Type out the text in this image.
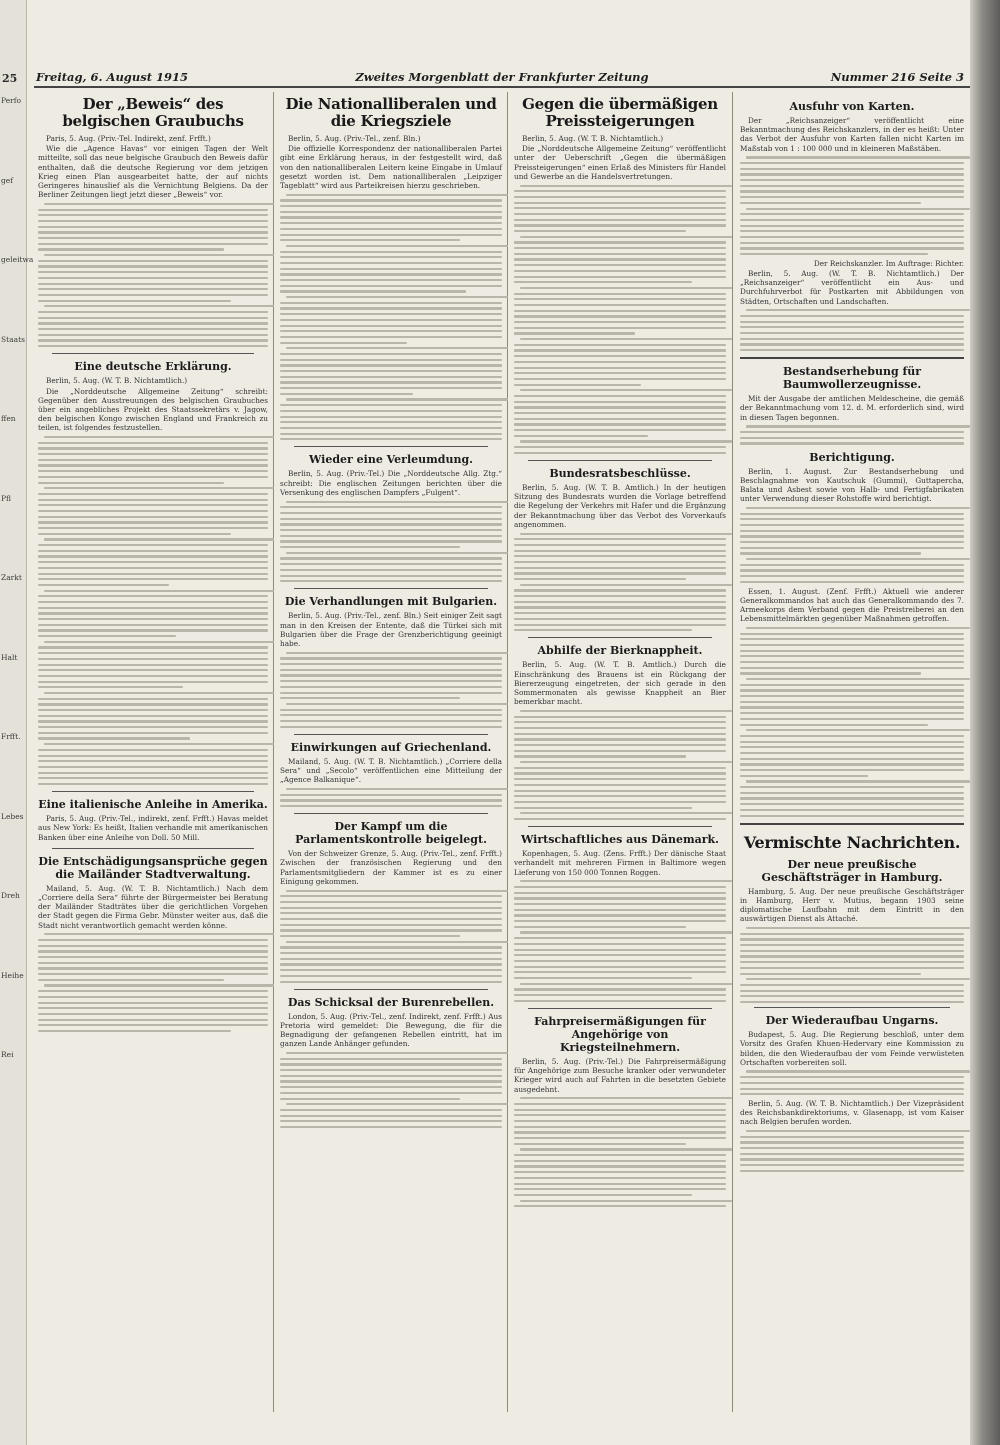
Perfo
gef
geleitwa
Staats
ffen
Pfl
Zarkt
Halt
Frfft.
Lebes
Dreh
Heihe
Rei
25 Freitag, 6. August 1915	Zweites Morgenblatt der Frankfurter Zeitung	Nummer 216 Seite 3
Der „Beweis“ des belgischen Graubuchs

Paris, 5. Aug. (Priv.-Tel. Indirekt, zenf. Frfft.)

Wie die „Agence Havas“ vor einigen Tagen der Welt mitteilte, soll das neue belgische Graubuch den Beweis dafür enthalten, daß die deutsche Regierung vor dem jetzigen Krieg einen Plan ausgearbeitet hatte, der auf nichts Geringeres hinauslief als die Vernichtung Belgiens. Da der Berliner Zeitungen liegt jetzt dieser „Beweis“ vor.

Eine deutsche Erklärung.

Berlin, 5. Aug. (W. T. B. Nichtamtlich.)

Die „Norddeutsche Allgemeine Zeitung“ schreibt: Gegenüber den Ausstreuungen des belgischen Graubuches über ein angebliches Projekt des Staatssekretärs v. Jagow, den belgischen Kongo zwischen England und Frankreich zu teilen, ist folgendes festzustellen.

Eine italienische Anleihe in Amerika.

Paris, 5. Aug. (Priv.-Tel., indirekt, zenf. Frfft.) Havas meldet aus New York: Es heißt, Italien verhandle mit amerikanischen Banken über eine Anleihe von Doll. 50 Mill.

Die Entschädigungsansprüche gegen die Mailänder Stadtverwaltung.

Mailand, 5. Aug. (W. T. B. Nichtamtlich.) Nach dem „Corriere della Sera“ führte der Bürgermeister bei Beratung der Mailänder Stadträtes über die gerichtlichen Vorgehen der Stadt gegen die Firma Gebr. Münster weiter aus, daß die Stadt nicht verantwortlich gemacht werden könne.

Die Nationalliberalen und die Kriegsziele

Berlin, 5. Aug. (Priv.-Tel., zenf. Bln.)

Die offizielle Korrespondenz der nationalliberalen Partei gibt eine Erklärung heraus, in der festgestellt wird, daß von den nationalliberalen Leitern keine Eingabe in Umlauf gesetzt worden ist. Dem nationalliberalen „Leipziger Tageblatt“ wird aus Parteikreisen hierzu geschrieben.

Wieder eine Verleumdung.

Berlin, 5. Aug. (Priv.-Tel.) Die „Norddeutsche Allg. Ztg.“ schreibt: Die englischen Zeitungen berichten über die Versenkung des englischen Dampfers „Fulgent“.

Die Verhandlungen mit Bulgarien.

Berlin, 5. Aug. (Priv.-Tel., zenf. Bln.) Seit einiger Zeit sagt man in den Kreisen der Entente, daß die Türkei sich mit Bulgarien über die Frage der Grenzberichtigung geeinigt habe.

Einwirkungen auf Griechenland.

Mailand, 5. Aug. (W. T. B. Nichtamtlich.) „Corriere della Sera“ und „Secolo“ veröffentlichen eine Mitteilung der „Agence Balkanique“.

Der Kampf um die Parlamentskontrolle beigelegt.

Von der Schweizer Grenze, 5. Aug. (Priv.-Tel., zenf. Frfft.) Zwischen der französischen Regierung und den Parlamentsmitgliedern der Kammer ist es zu einer Einigung gekommen.

Das Schicksal der Burenrebellen.

London, 5. Aug. (Priv.-Tel., zenf. Indirekt, zenf. Frfft.) Aus Pretoria wird gemeldet: Die Bewegung, die für die Begnadigung der gefangenen Rebellen eintritt, hat im ganzen Lande Anhänger gefunden.

Gegen die übermäßigen Preissteigerungen

Berlin, 5. Aug. (W. T. B. Nichtamtlich.)

Die „Norddeutsche Allgemeine Zeitung“ veröffentlicht unter der Ueberschrift „Gegen die übermäßigen Preissteigerungen“ einen Erlaß des Ministers für Handel und Gewerbe an die Handelsvertretungen.

Bundesratsbeschlüsse.

Berlin, 5. Aug. (W. T. B. Amtlich.) In der heutigen Sitzung des Bundesrats wurden die Vorlage betreffend die Regelung der Verkehrs mit Hafer und die Ergänzung der Bekanntmachung über das Verbot des Vorverkaufs angenommen.

Abhilfe der Bierknappheit.

Berlin, 5. Aug. (W. T. B. Amtlich.) Durch die Einschränkung des Brauens ist ein Rückgang der Biererzeugung eingetreten, der sich gerade in den Sommermonaten als gewisse Knappheit an Bier bemerkbar macht.

Wirtschaftliches aus Dänemark.

Kopenhagen, 5. Aug. (Zens. Frfft.) Der dänische Staat verhandelt mit mehreren Firmen in Baltimore wegen Lieferung von 150 000 Tonnen Roggen.

Fahrpreisermäßigungen für Angehörige von Kriegsteilnehmern.

Berlin, 5. Aug. (Priv.-Tel.) Die Fahrpreisermäßigung für Angehörige zum Besuche kranker oder verwundeter Krieger wird auch auf Fahrten in die besetzten Gebiete ausgedehnt.

Ausfuhr von Karten.

Der „Reichsanzeiger“ veröffentlicht eine Bekanntmachung des Reichskanzlers, in der es heißt: Unter das Verbot der Ausfuhr von Karten fallen nicht Karten im Maßstab von 1 : 100 000 und in kleineren Maßstäben.

Der Reichskanzler. Im Auftrage: Richter.

Berlin, 5. Aug. (W. T. B. Nichtamtlich.) Der „Reichsanzeiger“ veröffentlicht ein Aus- und Durchfuhrverbot für Postkarten mit Abbildungen von Städten, Ortschaften und Landschaften.

Bestandserhebung für Baumwollerzeugnisse.

Mit der Ausgabe der amtlichen Meldescheine, die gemäß der Bekanntmachung vom 12. d. M. erforderlich sind, wird in diesen Tagen begonnen.

Berichtigung.

Berlin, 1. August. Zur Bestandserhebung und Beschlagnahme von Kautschuk (Gummi), Guttapercha, Balata und Asbest sowie von Halb- und Fertigfabrikaten unter Verwendung dieser Rohstoffe wird berichtigt.

Essen, 1. August. (Zenf. Frfft.) Aktuell wie anderer Generalkommandos hat auch das Generalkommando des 7. Armeekorps dem Verband gegen die Preistreiberei an den Lebensmittelmärkten gegenüber Maßnahmen getroffen.

Vermischte Nachrichten.
Der neue preußische Geschäftsträger in Hamburg.

Hamburg, 5. Aug. Der neue preußische Geschäftsträger in Hamburg, Herr v. Mutius, begann 1903 seine diplomatische Laufbahn mit dem Eintritt in den auswärtigen Dienst als Attaché.

Der Wiederaufbau Ungarns.

Budapest, 5. Aug. Die Regierung beschloß, unter dem Vorsitz des Grafen Khuen-Hedervary eine Kommission zu bilden, die den Wiederaufbau der vom Feinde verwüsteten Ortschaften vorbereiten soll.

Berlin, 5. Aug. (W. T. B. Nichtamtlich.) Der Vizepräsident des Reichsbankdirektoriums, v. Glasenapp, ist vom Kaiser nach Belgien berufen worden.
